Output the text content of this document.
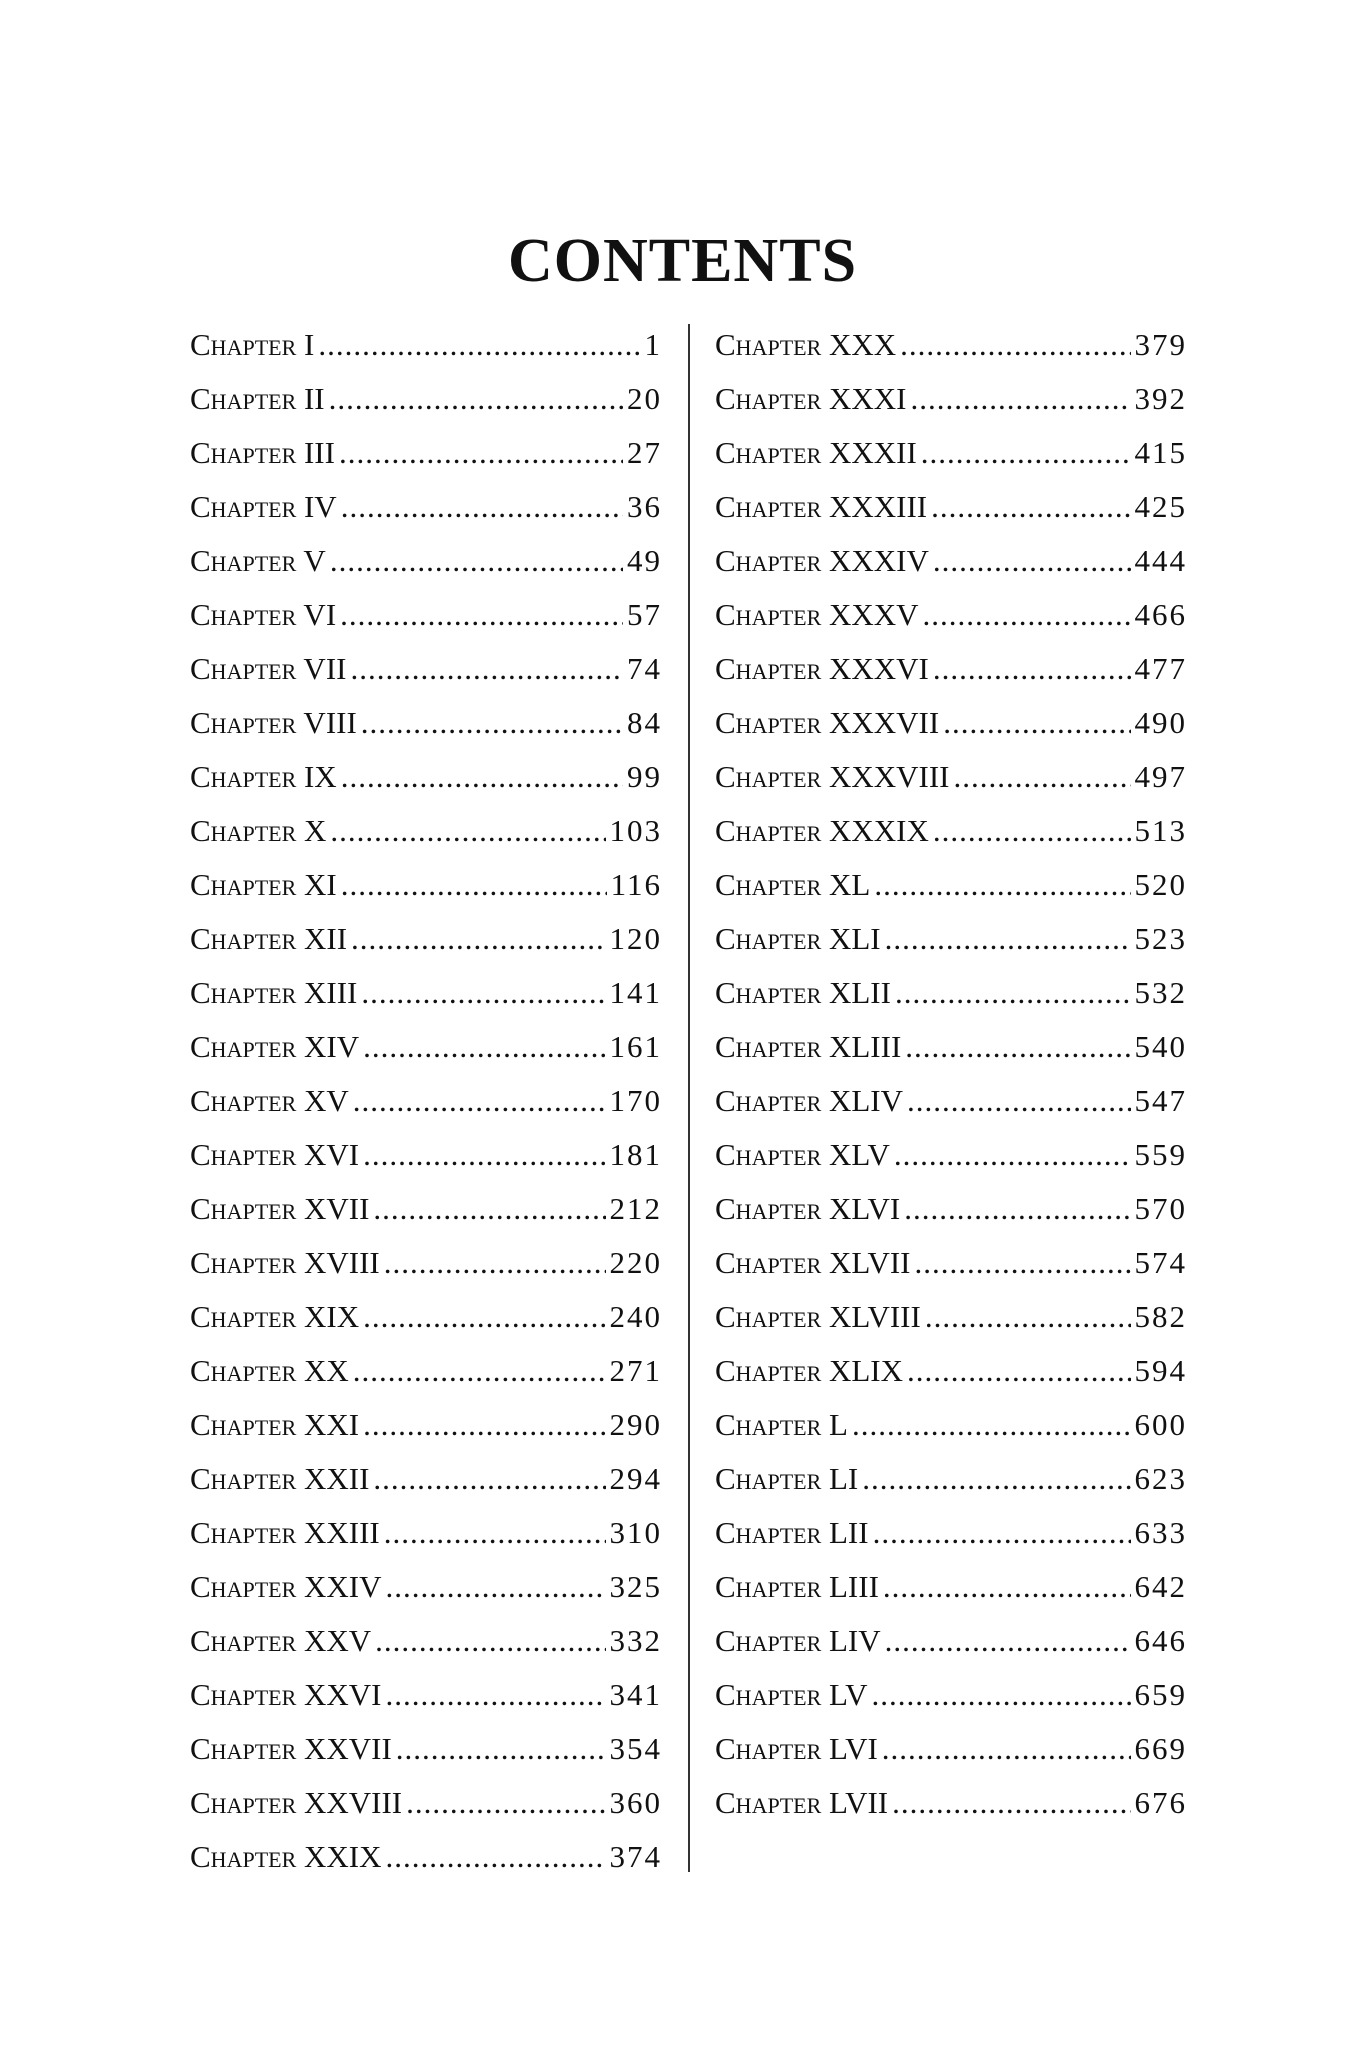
CONTENTS
Chapter I .....	1
Chapter II .....	20
Chapter III .....	27
Chapter IV .....	36
Chapter V .....	49
Chapter VI .....	57
Chapter VII .....	74
Chapter VIII .....	84
Chapter IX .....	99
Chapter X .....	103
Chapter XI .....	116
Chapter XII .....	120
Chapter XIII .....	141
Chapter XIV .....	161
Chapter XV .....	170
Chapter XVI .....	181
Chapter XVII .....	212
Chapter XVIII .....	220
Chapter XIX .....	240
Chapter XX .....	271
Chapter XXI .....	290
Chapter XXII .....	294
Chapter XXIII .....	310
Chapter XXIV .....	325
Chapter XXV .....	332
Chapter XXVI .....	341
Chapter XXVII .....	354
Chapter XXVIII .....	360
Chapter XXIX .....	374
Chapter XXX .....	379
Chapter XXXI .....	392
Chapter XXXII .....	415
Chapter XXXIII .....	425
Chapter XXXIV .....	444
Chapter XXXV .....	466
Chapter XXXVI .....	477
Chapter XXXVII .....	490
Chapter XXXVIII .....	497
Chapter XXXIX .....	513
Chapter XL .....	520
Chapter XLI .....	523
Chapter XLII .....	532
Chapter XLIII .....	540
Chapter XLIV .....	547
Chapter XLV .....	559
Chapter XLVI .....	570
Chapter XLVII .....	574
Chapter XLVIII .....	582
Chapter XLIX .....	594
Chapter L .....	600
Chapter LI .....	623
Chapter LII .....	633
Chapter LIII .....	642
Chapter LIV .....	646
Chapter LV .....	659
Chapter LVI .....	669
Chapter LVII .....	676
